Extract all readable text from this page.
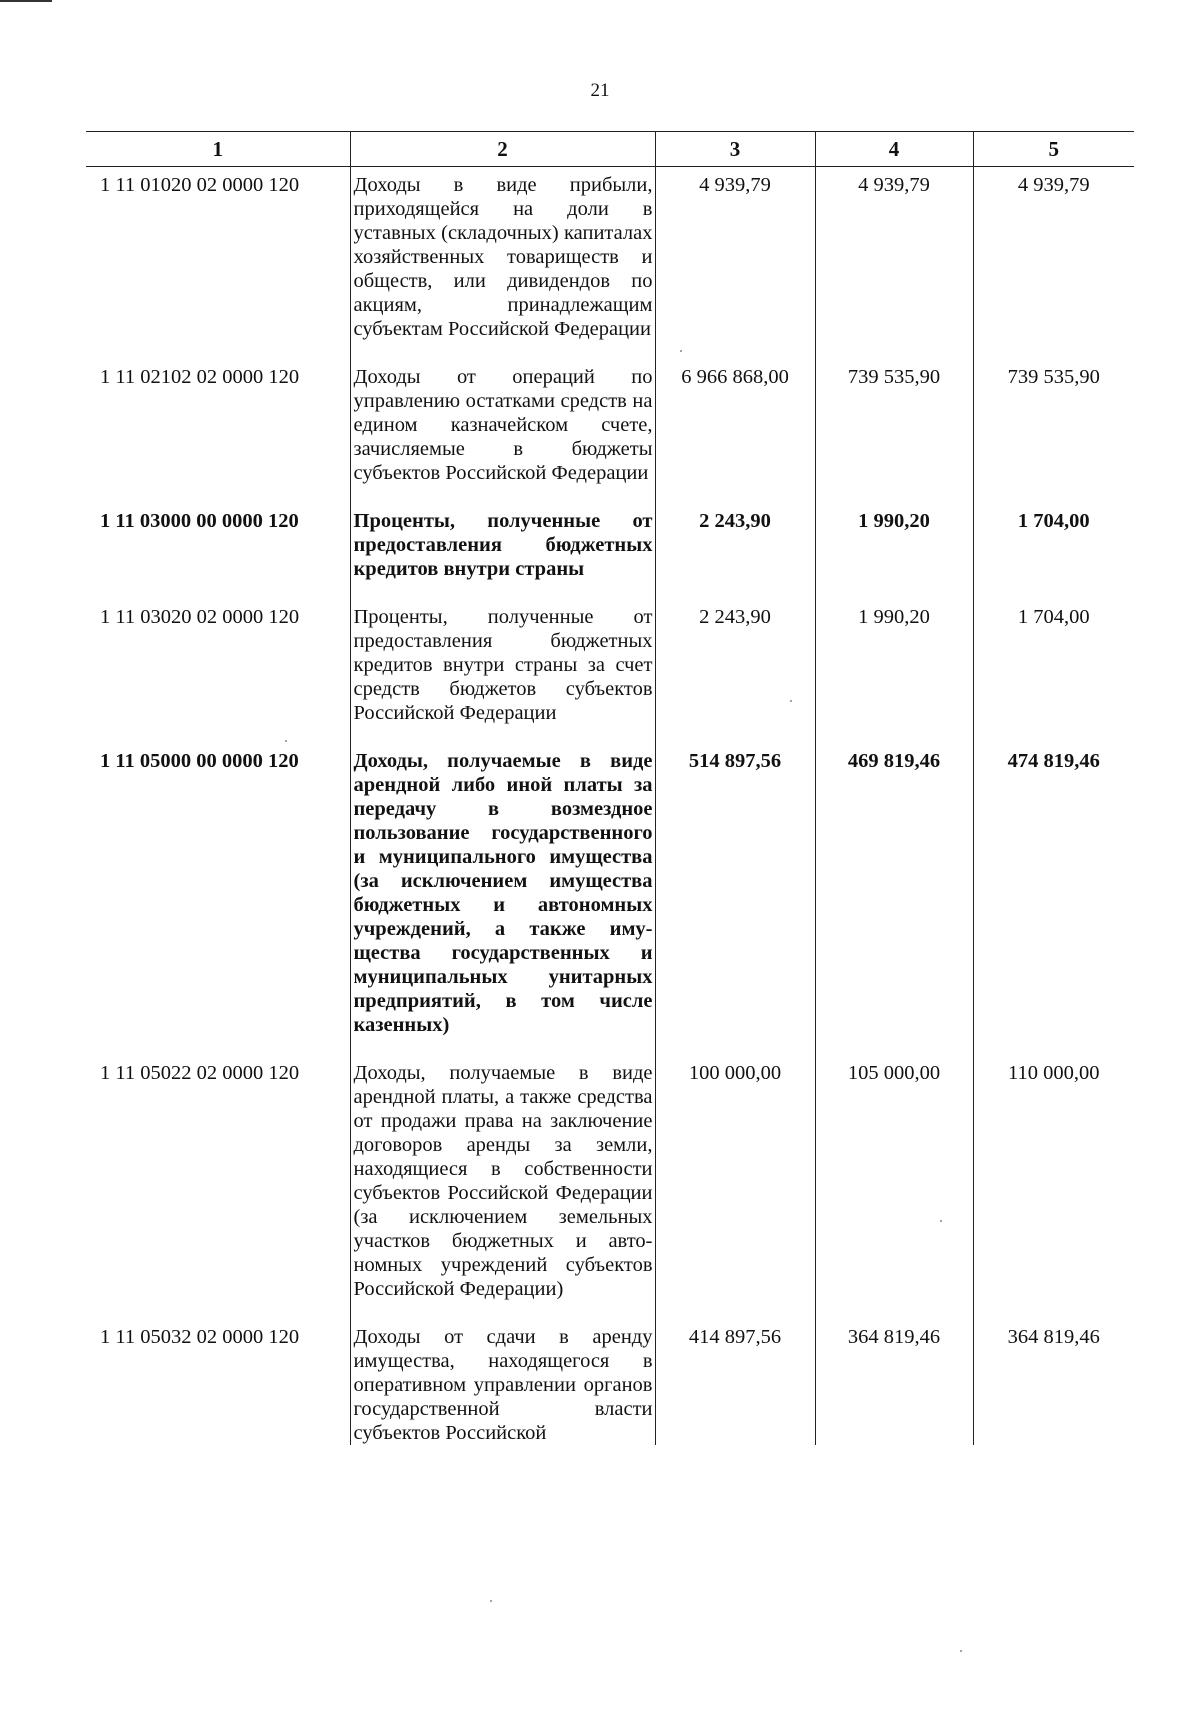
21
1	2	3	4	5
1 11 01020 02 0000 120	Доходы в виде прибыли, приходящейся на доли в уставных (складочных) капиталах хозяйственных товариществ и обществ, или дивидендов по акциям, принадлежащим субъектам Российской Федерации	4 939,79	4 939,79	4 939,79
1 11 02102 02 0000 120	Доходы от операций по управлению остатками средств на едином казначейском счете, зачисляемые в бюджеты субъектов Российской Федерации	6 966 868,00	739 535,90	739 535,90
1 11 03000 00 0000 120	Проценты, полученные от предоставления бюджетных кредитов внутри страны	2 243,90	1 990,20	1 704,00
1 11 03020 02 0000 120	Проценты, полученные от предоставления бюджетных кредитов внутри страны за счет средств бюджетов субъектов Российской Федерации	2 243,90	1 990,20	1 704,00
1 11 05000 00 0000 120	Доходы, получаемые в виде арендной либо иной платы за передачу в возмездное пользование государственного и муниципального имущества (за исключением имущества бюджетных и автономных учреждений, а также имущества государственных и муниципальных унитарных предприятий, в том числе казенных)	514 897,56	469 819,46	474 819,46
1 11 05022 02 0000 120	Доходы, получаемые в виде арендной платы, а также средства от продажи права на заключение договоров аренды за земли, находящиеся в собственности субъектов Российской Федерации (за исключением земельных участков бюджетных и автономных учреждений субъектов Российской Федерации)	100 000,00	105 000,00	110 000,00
1 11 05032 02 0000 120	Доходы от сдачи в аренду имущества, находящегося в оперативном управлении органов государственной власти субъектов Российской	414 897,56	364 819,46	364 819,46
